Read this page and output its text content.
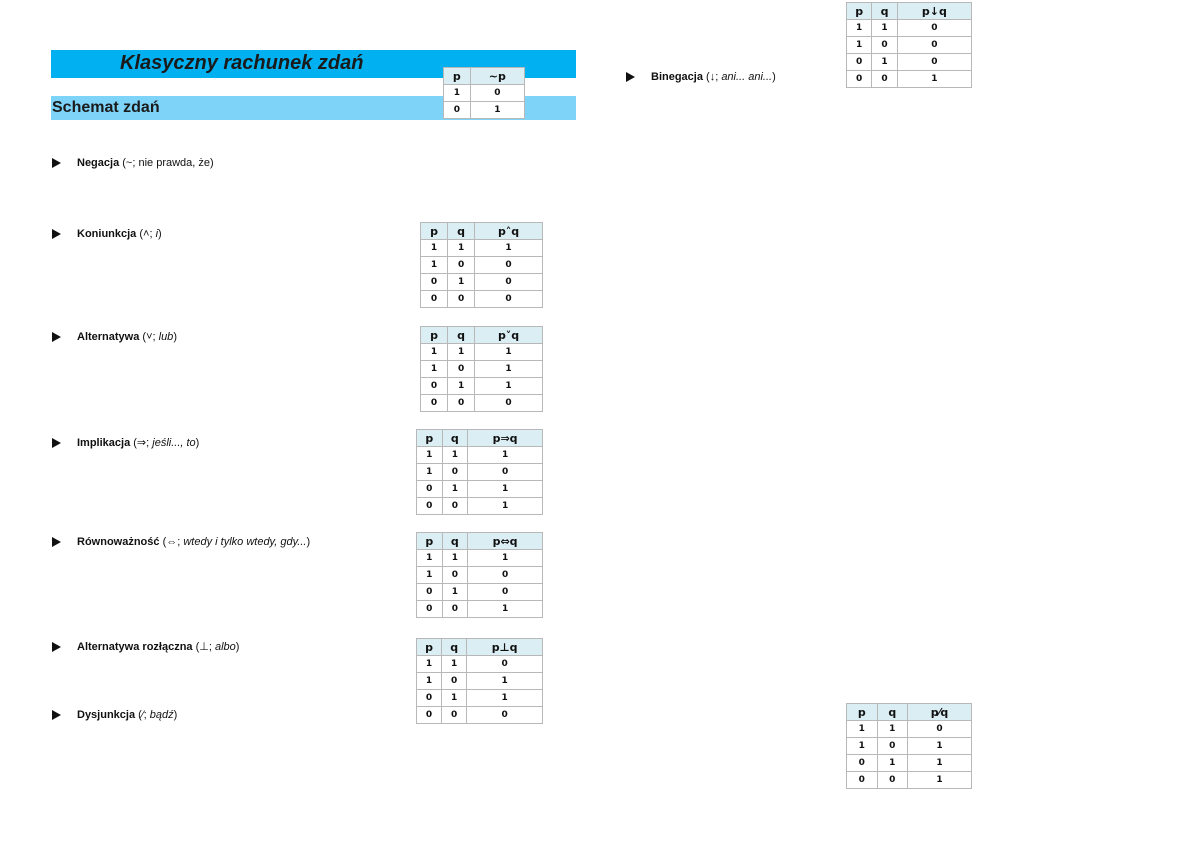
Klasyczny rachunek zdań
Schemat zdań
Negacja
(~; nie prawda, że)
Koniunkcja
(˄; i)
Alternatywa
(˅; lub)
Implikacja
(⇒; jeśli..., to)
Równoważność
(⇔; wtedy i tylko wtedy, gdy...)
Alternatywa rozłączna
(⊥; albo)
Dysjunkcja
(⁄; bądź)
Binegacja
(↓; ani... ani...)
p	~p
1	0
0	1
p	q	p˄q
1	1	1
1	0	0
0	1	0
0	0	0
p	q	p˅q
1	1	1
1	0	1
0	1	1
0	0	0
p	q	p⇒q
1	1	1
1	0	0
0	1	1
0	0	1
p	q	p⇔q
1	1	1
1	0	0
0	1	0
0	0	1
p	q	p⊥q
1	1	0
1	0	1
0	1	1
0	0	0
p	q	p↓q
1	1	0
1	0	0
0	1	0
0	0	1
p	q	p⁄q
1	1	0
1	0	1
0	1	1
0	0	1
